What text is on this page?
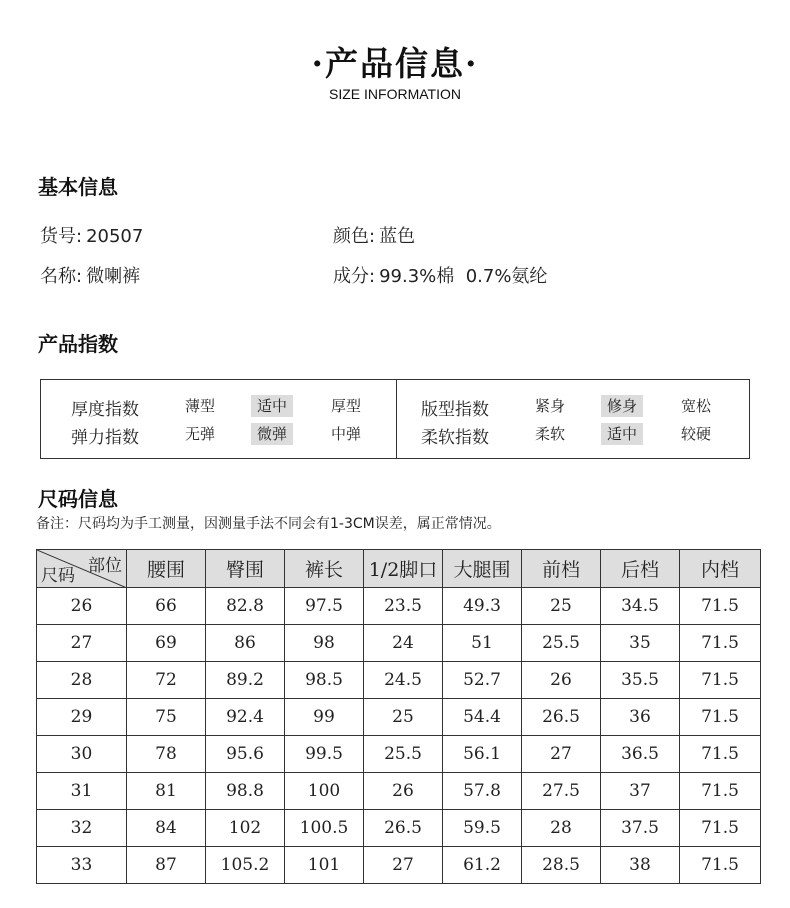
·产品信息·
SIZE INFORMATION
基本信息
货号: 20507	颜色: 蓝色
名称: 微喇裤	成分: 99.3%棉  0.7%氨纶
产品指数
厚度指数	薄型	适中	厚型
弹力指数	无弹	微弹	中弹
版型指数	紧身	修身	宽松
柔软指数	柔软	适中	较硬
尺码信息
备注：尺码均为手工测量，因测量手法不同会有1-3CM误差，属正常情况。
部位
尺码	腰围	臀围	裤长	1/2脚口	大腿围	前档	后档	内档
26	66	82.8	97.5	23.5	49.3	25	34.5	71.5
27	69	86	98	24	51	25.5	35	71.5
28	72	89.2	98.5	24.5	52.7	26	35.5	71.5
29	75	92.4	99	25	54.4	26.5	36	71.5
30	78	95.6	99.5	25.5	56.1	27	36.5	71.5
31	81	98.8	100	26	57.8	27.5	37	71.5
32	84	102	100.5	26.5	59.5	28	37.5	71.5
33	87	105.2	101	27	61.2	28.5	38	71.5
